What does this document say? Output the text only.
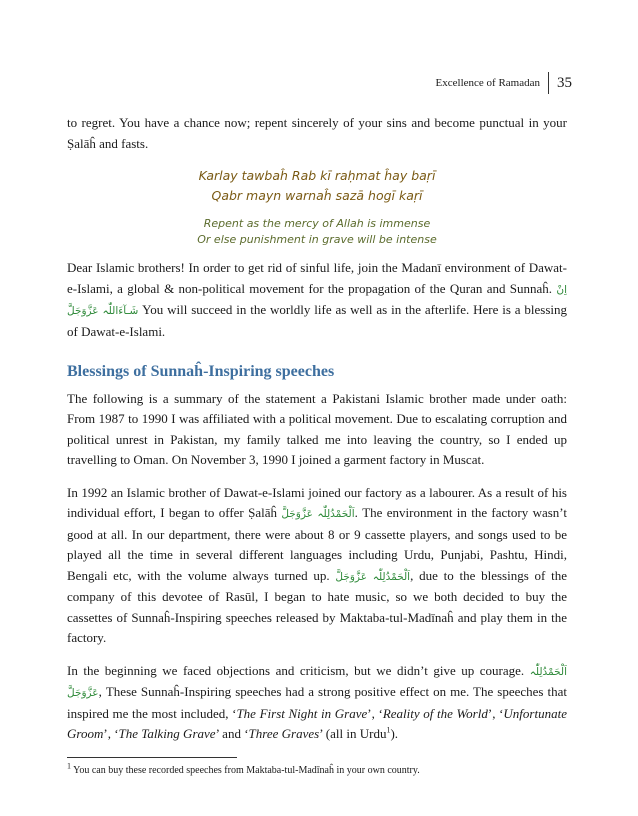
Excellence of Ramadan 35

to regret. You have a chance now; repent sincerely of your sins and become punctual in your Ṣalāĥ and fasts.

Karlay tawbaĥ Rab kī raḥmat ĥay baṛī
Qabr mayn warnaĥ sazā hogī kaṛī
Repent as the mercy of Allah is immense
Or else punishment in grave will be intense

Dear Islamic brothers! In order to get rid of sinful life, join the Madanī environment of Dawat-e-Islami, a global & non-political movement for the propagation of the Quran and Sunnaĥ. اِنْ شَـآءَاللّٰہ عَزَّوَجَلَّ You will succeed in the worldly life as well as in the afterlife. Here is a blessing of Dawat-e-Islami.

Blessings of Sunnaĥ-Inspiring speeches

The following is a summary of the statement a Pakistani Islamic brother made under oath: From 1987 to 1990 I was affiliated with a political movement. Due to escalating corruption and political unrest in Pakistan, my family talked me into leaving the country, so I ended up travelling to Oman. On November 3, 1990 I joined a garment factory in Muscat.

In 1992 an Islamic brother of Dawat-e-Islami joined our factory as a labourer. As a result of his individual effort, I began to offer Ṣalāĥ اَلْحَمْدُلِلّٰہ عَزَّوَجَلَّ. The environment in the factory wasn’t good at all. In our department, there were about 8 or 9 cassette players, and songs used to be played all the time in several different languages including Urdu, Punjabi, Pashtu, Hindi, Bengali etc, with the volume always turned up. اَلْحَمْدُلِلّٰہ عَزَّوَجَلَّ, due to the blessings of the company of this devotee of Rasūl, I began to hate music, so we both decided to buy the cassettes of Sunnaĥ-Inspiring speeches released by Maktaba-tul-Madīnaĥ and play them in the factory.

In the beginning we faced objections and criticism, but we didn’t give up courage. اَلْحَمْدُلِلّٰہ عَزَّوَجَلَّ, These Sunnaĥ-Inspiring speeches had a strong positive effect on me. The speeches that inspired me the most included, ‘The First Night in Grave’, ‘Reality of the World’, ‘Unfortunate Groom’, ‘The Talking Grave’ and ‘Three Graves’ (all in Urdu$^1$).

$^1$ You can buy these recorded speeches from Maktaba-tul-Madīnaĥ in your own country.
